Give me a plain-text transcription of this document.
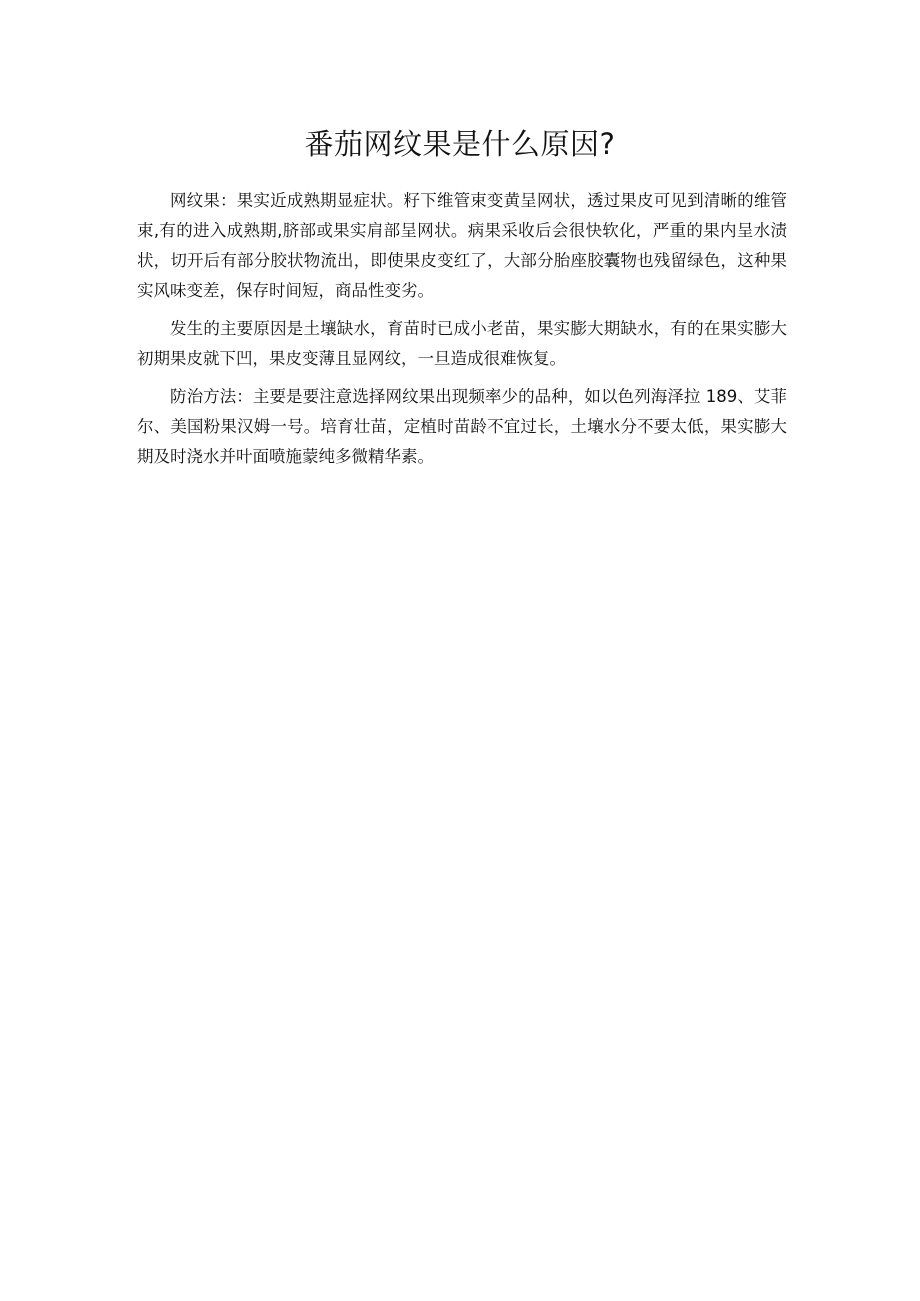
番茄网纹果是什么原因?

网纹果：果实近成熟期显症状。籽下维管束变黄呈网状，透过果皮可见到清晰的维管束,有的进入成熟期,脐部或果实肩部呈网状。病果采收后会很快软化，严重的果内呈水渍状，切开后有部分胶状物流出，即使果皮变红了，大部分胎座胶囊物也残留绿色，这种果实风味变差，保存时间短，商品性变劣。

发生的主要原因是土壤缺水，育苗时已成小老苗，果实膨大期缺水，有的在果实膨大初期果皮就下凹，果皮变薄且显网纹，一旦造成很难恢复。

防治方法：主要是要注意选择网纹果出现频率少的品种，如以色列海泽拉 189、艾菲尔、美国粉果汉姆一号。培育壮苗，定植时苗龄不宜过长，土壤水分不要太低，果实膨大期及时浇水并叶面喷施蒙纯多微精华素。
